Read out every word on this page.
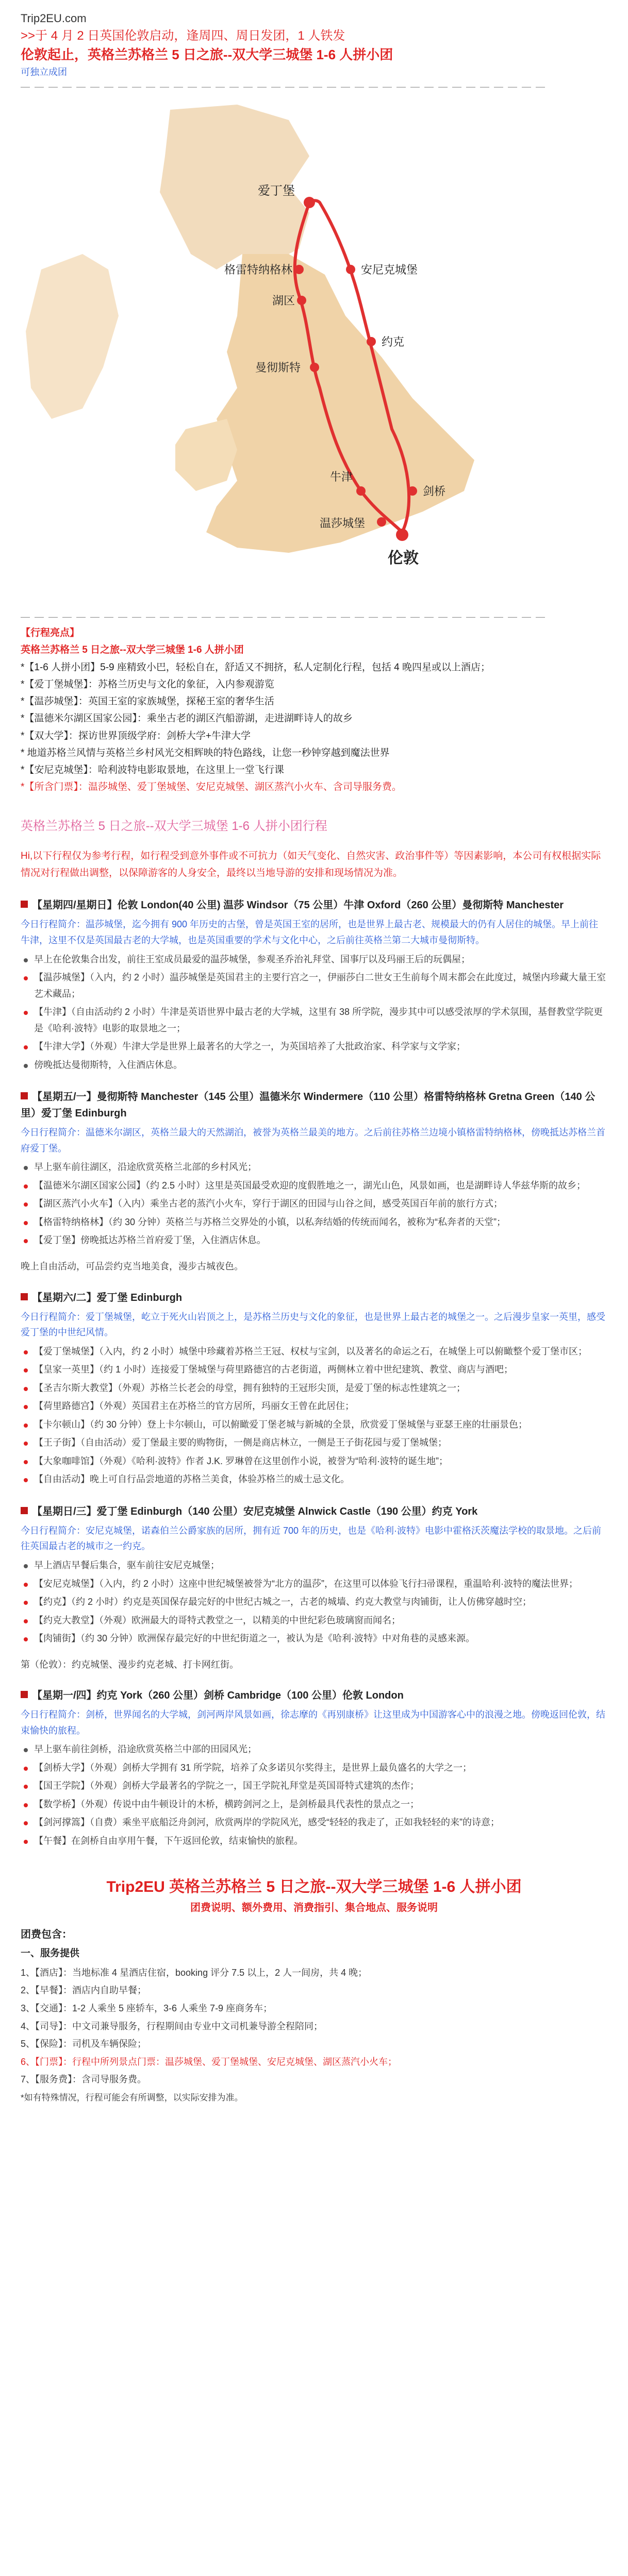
Trip2EU.com
>>于 4 月 2 日英国伦敦启动，逢周四、周日发团，1 人铁发
伦敦起止，英格兰苏格兰 5 日之旅--双大学三城堡 1-6 人拼小团
可独立成团
— — — — — — — — — — — — — — — — — — — — — — — — — — — — — — — — — — — — — —
爱丁堡
格雷特纳格林
湖区
曼彻斯特
约克
安尼克城堡
牛津
剑桥
温莎城堡
伦敦
— — — — — — — — — — — — — — — — — — — — — — — — — — — — — — — — — — — — — —
【行程亮点】
英格兰苏格兰 5 日之旅--双大学三城堡 1-6 人拼小团
*【1-6 人拼小团】5-9 座精致小巴，轻松自在，舒适又不拥挤，私人定制化行程，包括 4 晚四星或以上酒店；
*【爱丁堡城堡】：苏格兰历史与文化的象征，入内参观游览
*【温莎城堡】：英国王室的家族城堡，探秘王室的奢华生活
*【温德米尔湖区国家公园】：乘坐古老的湖区汽船游湖，走进湖畔诗人的故乡
*【双大学】：探访世界顶级学府：剑桥大学+牛津大学
* 地道苏格兰风情与英格兰乡村风光交相辉映的特色路线，让您一秒钟穿越到魔法世界
*【安尼克城堡】：哈利波特电影取景地，在这里上一堂飞行课
*【所含门票】：温莎城堡、爱丁堡城堡、安尼克城堡、湖区蒸汽小火车、含司导服务费。
英格兰苏格兰 5 日之旅--双大学三城堡 1-6 人拼小团行程
Hi,以下行程仅为参考行程，如行程受到意外事件或不可抗力（如天气变化、自然灾害、政治事件等）等因素影响，本公司有权根据实际情况对行程做出调整，以保障游客的人身安全，最终以当地导游的安排和现场情况为准。
【星期四/星期日】伦敦 London(40 公里) 温莎 Windsor（75 公里）牛津 Oxford（260 公里）曼彻斯特 Manchester
今日行程简介：温莎城堡，迄今拥有 900 年历史的古堡，曾是英国王室的居所，也是世界上最古老、规模最大的仍有人居住的城堡。早上前往牛津，这里不仅是英国最古老的大学城，也是英国重要的学术与文化中心，之后前往英格兰第二大城市曼彻斯特。
早上在伦敦集合出发，前往王室成员最爱的温莎城堡，参观圣乔治礼拜堂、国事厅以及玛丽王后的玩偶屋；
【温莎城堡】（入内，约 2 小时）温莎城堡是英国君主的主要行宫之一，伊丽莎白二世女王生前每个周末都会在此度过，城堡内珍藏大量王室艺术藏品；
【牛津】（自由活动约 2 小时）牛津是英语世界中最古老的大学城，这里有 38 所学院，漫步其中可以感受浓厚的学术氛围，基督教堂学院更是《哈利·波特》电影的取景地之一；
【牛津大学】（外观）牛津大学是世界上最著名的大学之一，为英国培养了大批政治家、科学家与文学家；
傍晚抵达曼彻斯特，入住酒店休息。
【星期五/一】曼彻斯特 Manchester（145 公里）温德米尔 Windermere（110 公里）格雷特纳格林 Gretna Green（140 公里）爱丁堡 Edinburgh
今日行程简介：温德米尔湖区，英格兰最大的天然湖泊，被誉为英格兰最美的地方。之后前往苏格兰边境小镇格雷特纳格林，傍晚抵达苏格兰首府爱丁堡。
早上驱车前往湖区，沿途欣赏英格兰北部的乡村风光；
【温德米尔湖区国家公园】（约 2.5 小时）这里是英国最受欢迎的度假胜地之一，湖光山色，风景如画，也是湖畔诗人华兹华斯的故乡；
【湖区蒸汽小火车】（入内）乘坐古老的蒸汽小火车，穿行于湖区的田园与山谷之间，感受英国百年前的旅行方式；
【格雷特纳格林】（约 30 分钟）英格兰与苏格兰交界处的小镇，以私奔结婚的传统而闻名，被称为“私奔者的天堂”；
【爱丁堡】傍晚抵达苏格兰首府爱丁堡，入住酒店休息。
晚上自由活动，可品尝约克当地美食，漫步古城夜色。
【星期六/二】爱丁堡 Edinburgh
今日行程简介：爱丁堡城堡，屹立于死火山岩顶之上，是苏格兰历史与文化的象征，也是世界上最古老的城堡之一。之后漫步皇家一英里，感受爱丁堡的中世纪风情。
【爱丁堡城堡】（入内，约 2 小时）城堡中珍藏着苏格兰王冠、权杖与宝剑，以及著名的命运之石，在城堡上可以俯瞰整个爱丁堡市区；
【皇家一英里】（约 1 小时）连接爱丁堡城堡与荷里路德宫的古老街道，两侧林立着中世纪建筑、教堂、商店与酒吧；
【圣吉尔斯大教堂】（外观）苏格兰长老会的母堂，拥有独特的王冠形尖顶，是爱丁堡的标志性建筑之一；
【荷里路德宫】（外观）英国君主在苏格兰的官方居所，玛丽女王曾在此居住；
【卡尔顿山】（约 30 分钟）登上卡尔顿山，可以俯瞰爱丁堡老城与新城的全景，欣赏爱丁堡城堡与亚瑟王座的壮丽景色；
【王子街】（自由活动）爱丁堡最主要的购物街，一侧是商店林立，一侧是王子街花园与爱丁堡城堡；
【大象咖啡馆】（外观）《哈利·波特》作者 J.K. 罗琳曾在这里创作小说，被誉为“哈利·波特的诞生地”；
【自由活动】晚上可自行品尝地道的苏格兰美食，体验苏格兰的威士忌文化。
【星期日/三】爱丁堡 Edinburgh（140 公里）安尼克城堡 Alnwick Castle（190 公里）约克 York
今日行程简介：安尼克城堡，诺森伯兰公爵家族的居所，拥有近 700 年的历史，也是《哈利·波特》电影中霍格沃茨魔法学校的取景地。之后前往英国最古老的城市之一约克。
早上酒店早餐后集合，驱车前往安尼克城堡；
【安尼克城堡】（入内，约 2 小时）这座中世纪城堡被誉为“北方的温莎”，在这里可以体验飞行扫帚课程，重温哈利·波特的魔法世界；
【约克】（约 2 小时）约克是英国保存最完好的中世纪古城之一，古老的城墙、约克大教堂与肉铺街，让人仿佛穿越时空；
【约克大教堂】（外观）欧洲最大的哥特式教堂之一，以精美的中世纪彩色玻璃窗而闻名；
【肉铺街】（约 30 分钟）欧洲保存最完好的中世纪街道之一，被认为是《哈利·波特》中对角巷的灵感来源。
第（伦敦）：约克城堡、漫步约克老城、打卡网红街。
【星期一/四】约克 York（260 公里）剑桥 Cambridge（100 公里）伦敦 London
今日行程简介：剑桥，世界闻名的大学城，剑河两岸风景如画，徐志摩的《再别康桥》让这里成为中国游客心中的浪漫之地。傍晚返回伦敦，结束愉快的旅程。
早上驱车前往剑桥，沿途欣赏英格兰中部的田园风光；
【剑桥大学】（外观）剑桥大学拥有 31 所学院，培养了众多诺贝尔奖得主，是世界上最负盛名的大学之一；
【国王学院】（外观）剑桥大学最著名的学院之一，国王学院礼拜堂是英国哥特式建筑的杰作；
【数学桥】（外观）传说中由牛顿设计的木桥，横跨剑河之上，是剑桥最具代表性的景点之一；
【剑河撑篙】（自费）乘坐平底船泛舟剑河，欣赏两岸的学院风光，感受“轻轻的我走了，正如我轻轻的来”的诗意；
【午餐】在剑桥自由享用午餐，下午返回伦敦，结束愉快的旅程。
Trip2EU 英格兰苏格兰 5 日之旅--双大学三城堡 1-6 人拼小团
团费说明、额外费用、消费指引、集合地点、服务说明
团费包含：
一、服务提供
1、【酒店】：当地标准 4 星酒店住宿，booking 评分 7.5 以上，2 人一间房，共 4 晚；
2、【早餐】：酒店内自助早餐；
3、【交通】：1-2 人乘坐 5 座轿车，3-6 人乘坐 7-9 座商务车；
4、【司导】：中文司兼导服务，行程期间由专业中文司机兼导游全程陪同；
5、【保险】：司机及车辆保险；
6、【门票】：行程中所列景点门票：温莎城堡、爱丁堡城堡、安尼克城堡、湖区蒸汽小火车；
7、【服务费】：含司导服务费。
*如有特殊情况，行程可能会有所调整，以实际安排为准。
